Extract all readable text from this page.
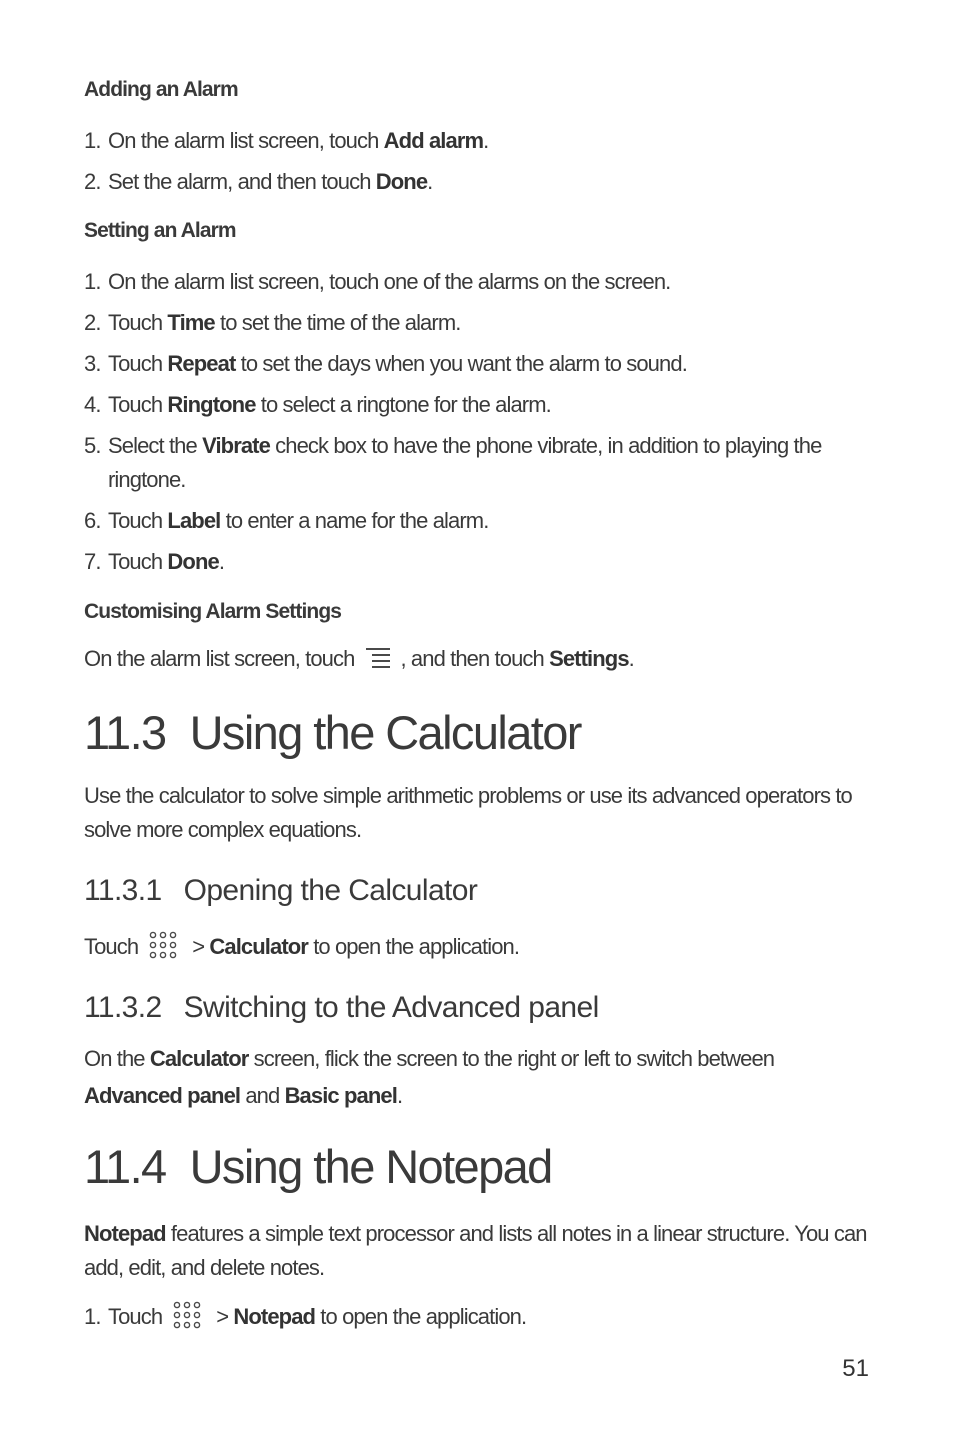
Adding an Alarm
1. On the alarm list screen, touch Add alarm.
2. Set the alarm, and then touch Done.
Setting an Alarm
1. On the alarm list screen, touch one of the alarms on the screen.
2. Touch Time to set the time of the alarm.
3. Touch Repeat to set the days when you want the alarm to sound.
4. Touch Ringtone to select a ringtone for the alarm.
5. Select the Vibrate check box to have the phone vibrate, in addition to playing the ringtone.
6. Touch Label to enter a name for the alarm.
7. Touch Done.
Customising Alarm Settings
On the alarm list screen, touch , and then touch Settings.
11.3 Using the Calculator
Use the calculator to solve simple arithmetic problems or use its advanced operators to solve more complex equations.
11.3.1 Opening the Calculator
Touch > Calculator to open the application.
11.3.2 Switching to the Advanced panel
On the Calculator screen, flick the screen to the right or left to switch between Advanced panel and Basic panel.
11.4 Using the Notepad
Notepad features a simple text processor and lists all notes in a linear structure. You can add, edit, and delete notes.
1. Touch > Notepad to open the application.
51
